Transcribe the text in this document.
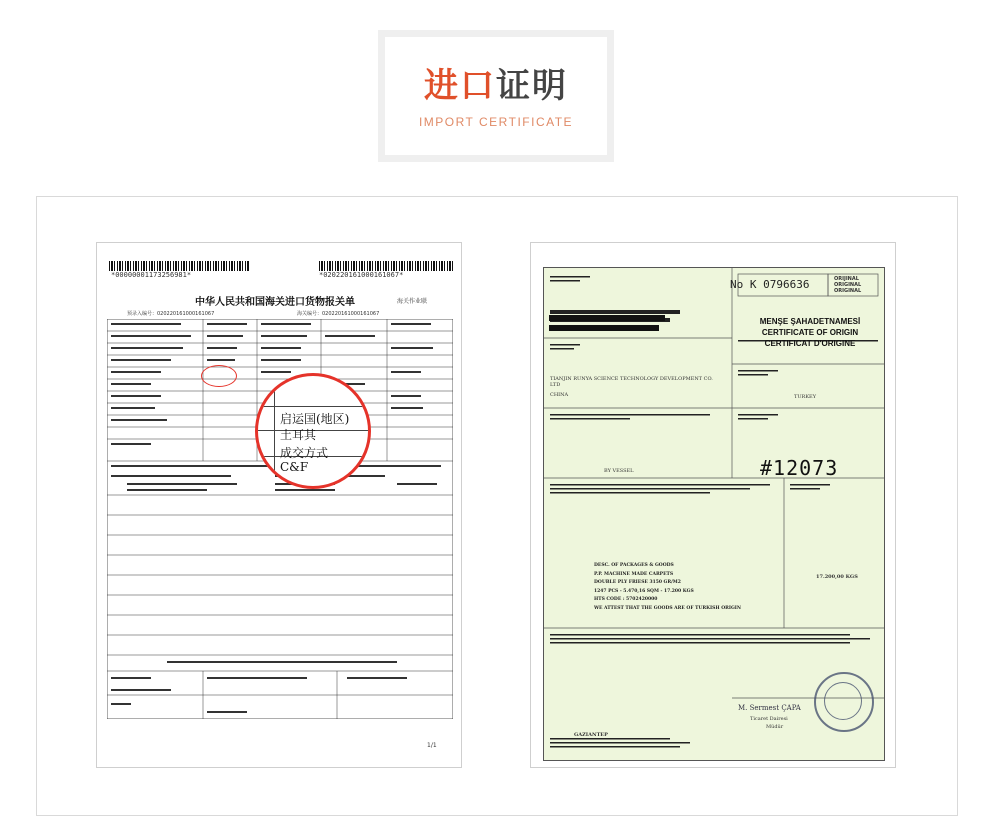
进口证明
IMPORT CERTIFICATE
*00000001173256981*	*020220161000161067*
中华人民共和国海关进口货物报关单	海关作业联
预录入编号：020220161000161067	海关编号：020220161000161067
启运国(地区)
土耳其
成交方式
C&F
1/1
No K 0796636	ORIJINAL ORIGINAL ORIGINAL
MENŞE ŞAHADETNAMESİ
CERTIFICATE OF ORIGIN
CERTIFICAT D'ORIGINE
TIANJIN RUNYA SCIENCE TECHNOLOGY DEVELOPMENT CO. LTD
CHINA	TURKEY
BY VESSEL	#12073
DESC. OF PACKAGES & GOODS
P.P. MACHINE MADE CARPETS
DOUBLE PLY FRIESE 3150 GR/M2
1247 PCS - 5.470,16 SQM - 17.200 KGS
HTS CODE : 5702420000
WE ATTEST THAT THE GOODS ARE OF TURKISH ORIGIN
17.200,00 KGS
M. Sermest ÇAPA
Ticaret Dairesi
Müdür
GAZIANTEP
